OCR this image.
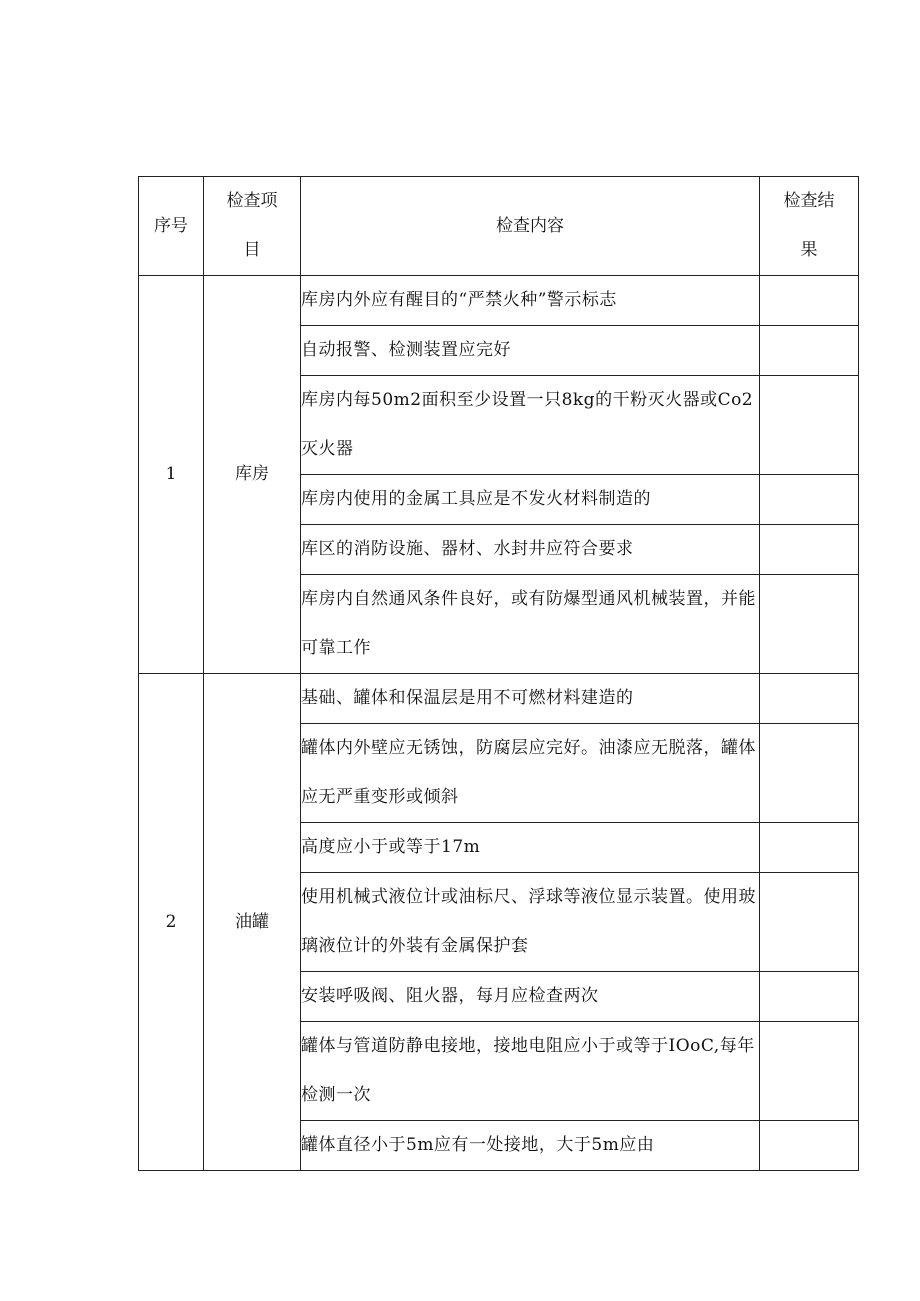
序号	检查项目	检查内容	检查结果
1	库房	库房内外应有醒目的“严禁火种”警示标志	
		自动报警、检测装置应完好	
		库房内每50m2面积至少设置一只8kg的干粉灭火器或Co2灭火器	
		库房内使用的金属工具应是不发火材料制造的	
		库区的消防设施、器材、水封井应符合要求	
		库房内自然通风条件良好，或有防爆型通风机械装置，并能可靠工作	
2	油罐	基础、罐体和保温层是用不可燃材料建造的	
		罐体内外壁应无锈蚀，防腐层应完好。油漆应无脱落，罐体应无严重变形或倾斜	
		高度应小于或等于17m	
		使用机械式液位计或油标尺、浮球等液位显示装置。使用玻璃液位计的外装有金属保护套	
		安装呼吸阀、阻火器，每月应检查两次	
		罐体与管道防静电接地，接地电阻应小于或等于IOoC,每年检测一次	
		罐体直径小于5m应有一处接地，大于5m应由	
